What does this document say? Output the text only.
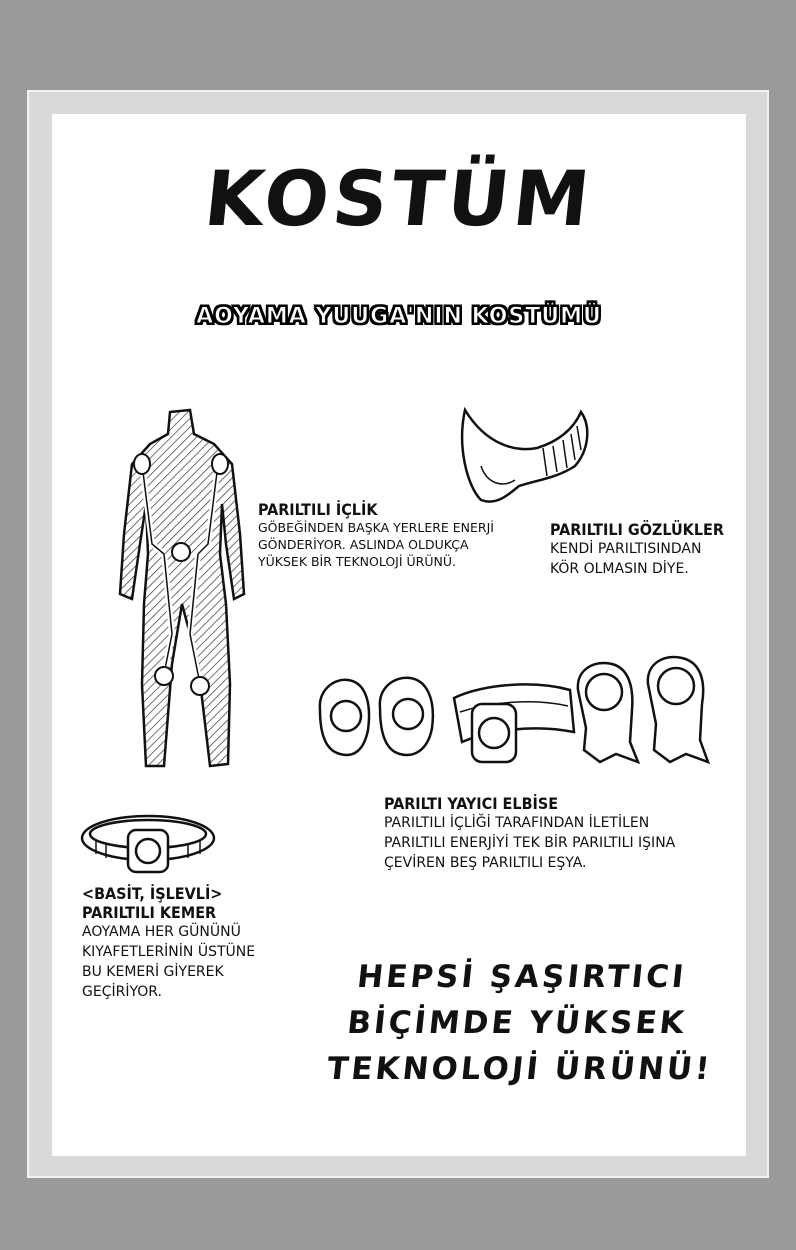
KOSTÜM
AOYAMA YUUGA'NIN KOSTÜMÜ
PARILTILI İÇLİK
GÖBEĞİNDEN BAŞKA YERLERE ENERJİ
GÖNDERİYOR. ASLINDA OLDUKÇA
YÜKSEK BİR TEKNOLOJİ ÜRÜNÜ.
PARILTILI GÖZLÜKLER
KENDİ PARILTISINDAN
KÖR OLMASIN DİYE.
PARILTI YAYICI ELBİSE
PARILTILI İÇLİĞİ TARAFINDAN İLETİLEN
PARILTILI ENERJİYİ TEK BİR PARILTILI IŞINA
ÇEVİREN BEŞ PARILTILI EŞYA.
<BASİT, İŞLEVLİ>
PARILTILI KEMER
AOYAMA HER GÜNÜNÜ
KIYAFETLERİNİN ÜSTÜNE
BU KEMERİ GİYEREK
GEÇİRİYOR.	HEPSİ ŞAŞIRTICI
BİÇİMDE YÜKSEK
TEKNOLOJİ ÜRÜNÜ!
